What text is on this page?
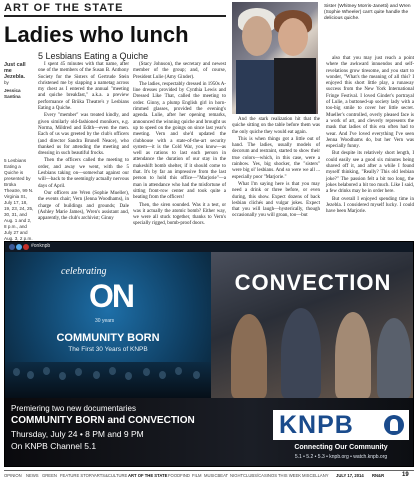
ART OF THE STATE
Ladies who lunch
5 Lesbians Eating a Quiche
Just call me Jezebla.
by
Jessica Santina
5 Lesbians Eating a Quiche is presented by Brüka Theatre, 99 N. Virginia St., July 17, 18, 19, 23, 24, 25, 30, 31, and Aug. 1 and 2, 8 p.m., and July 27 and Aug. 3, 2 p.m.

I spent 45 minutes with that name, after one of the members of the Susan B. Anthony Society for the Sisters of Gertrude Stein christened me by slapping a nametag across my chest as I entered the annual "meeting and quiche breakfast," a.k.a. a preview performance of Brüka Theatre's y Lesbians Eating a Quiche.

Every "member" was treated kindly, and given similarly old-fashioned monikers, e.g. Norma, Mildred and Edith—even the men. Each of us was greeted by the club's officers (and director Sandra Brunell Neace), who thanked us for attending the meeting and dressing in such beautiful frocks.

Then the officers called the meeting to order, and away we went, with the 5 Lesbians taking on—somewhat against our will—back to the seemingly actually nervous days of April.

Our officers are Wren (Sophie Mueller), the events chair; Vern (Jenna Woodhams), in charge of buildings and grounds; Dale (Ashley Marie James), Wren's assistant and, apparently, the club's archivist; Ginny

(Stacy Johnson), the secretary and newest member of the group; and, of course, President Lulie (Amy Ginder).

The ladies, respectably dressed in 1950s A-line dresses provided by Cynthia Lewis and Dressed Like That, called the meeting to order. Ginny, a plump English girl in horn-rimmed glasses, provided the evening's agenda. Lulie, after her opening remarks, announced the winning quiche and brought us up to speed on the goings on since last year's meeting. Vern and she'd updated the clubhouse with a state-of-the-art security system—it is the Cold War, you know—as well as rations to last each person in attendance the duration of our stay in the makeshift bomb shelter, if it should come to that. It's by far an impressive from the last person to hold this office—"Marjorie"—a man in attendance who had the misfortune of sitting front-row center and took quite a beating from the officers!

Then, the siren sounded. Was it a test, or was it actually the atomic bomb? Either way, we were all stuck together, thanks to Vern's specially rigged, bomb-proof doors.

And the stark realization hit that the quiche sitting on the table before them was the only quiche they would eat again.

This is when things got a little out of hand. The ladies, usually models of decorum and restraint, started to show their true colors—which, in this case, were a rainbow. Yes, big shocker, the "sisters" were big ol' lesbians. And so were we all ... especially poor "Marjorie."

What I'm saying here is that you may need a drink or three before, or even during, this show. Expect dozens of back lesbian clichés and vulgar jokes. Expect that you will laugh—hysterically, though occasionally you will groan, too—but

also that you may just reach a point where the awkward innuendos and self-revelations grow tiresome, and you start to wonder, "What's the meaning of all this? I enjoyed this short little play, a runaway success from the New York International Fringe Festival. I loved Ginder's portrayal of Lulie, a buttoned-up society lady with a too-big smile to cover her little secret. Mueller's controlled, overly pleased face is a work of art, and cleverly represents the mask that ladies of this era often had to wear. And I've loved everything I've seen Jenna Woodhams do, but her Vern was especially funny.

But despite its relatively short length, I could easily see a good six minutes being shaved off it, and after a while I found myself thinking, "Really? This old lesbian joke?" The passion felt a bit too long, the jokes belabored a bit too much. Like I said, a few drinks may be in order here.

But overall I enjoyed spending time in Jezebla. I considered myself lucky. I could have been Marjorie.

Sister (Whitney Morris-Janetti) and Wren (Sophie Wheeler) can't quite handle the delicious quiche.
#onknpb
celebrating
ON
30 years
COMMUNITY BORN
The First 30 Years of KNPB
CONVECTION
Premiering two new documentaries
COMMUNITY BORN and CONVECTION
Thursday, July 24 • 8 PM and 9 PM
On KNPB Channel 5.1
KNPB
Connecting Our Community
5.1 • 5.2 • 5.3 • knpb.org • watch.knpb.org
OPINION NEWS GREEN FEATURE STORY ARTS&CULTURE ART OF THE STATE FOODFIND FILM MUSICBEAT NIGHTCLUBS/CASINOS THIS WEEK MISCELLANY JULY 17, 2014 RN&R	19
